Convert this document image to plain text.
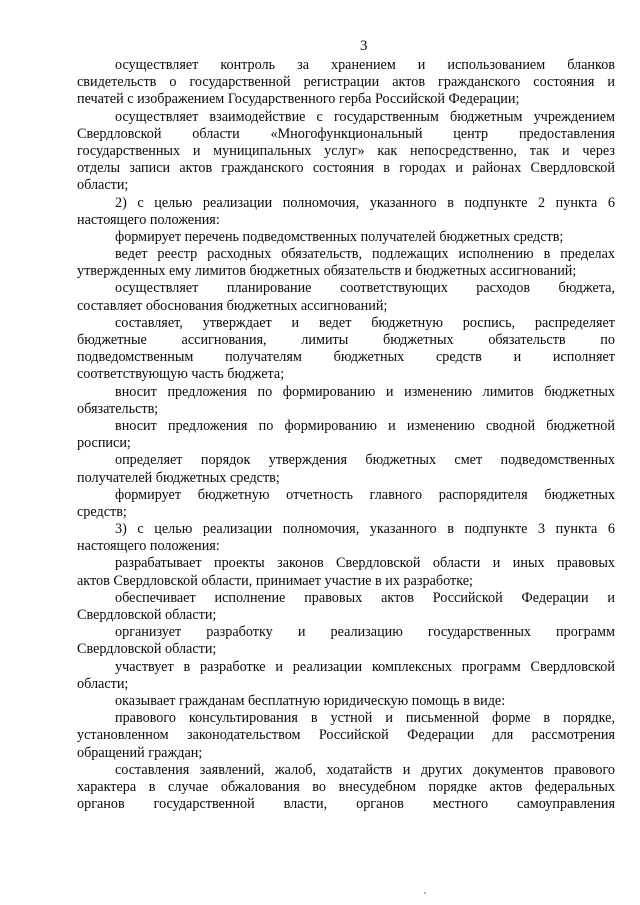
3
осуществляет контроль за хранением и использованием бланков
свидетельств о государственной регистрации актов гражданского состояния и
печатей с изображением Государственного герба Российской Федерации;
осуществляет взаимодействие с государственным бюджетным учреждением
Свердловской области «Многофункциональный центр предоставления
государственных и муниципальных услуг» как непосредственно, так и через
отделы записи актов гражданского состояния в городах и районах Свердловской
области;
2) с целью реализации полномочия, указанного в подпункте 2 пункта 6
настоящего положения:
формирует перечень подведомственных получателей бюджетных средств;
ведет реестр расходных обязательств, подлежащих исполнению в пределах
утвержденных ему лимитов бюджетных обязательств и бюджетных ассигнований;
осуществляет планирование соответствующих расходов бюджета,
составляет обоснования бюджетных ассигнований;
составляет, утверждает и ведет бюджетную роспись, распределяет
бюджетные ассигнования, лимиты бюджетных обязательств по
подведомственным получателям бюджетных средств и исполняет
соответствующую часть бюджета;
вносит предложения по формированию и изменению лимитов бюджетных
обязательств;
вносит предложения по формированию и изменению сводной бюджетной
росписи;
определяет порядок утверждения бюджетных смет подведомственных
получателей бюджетных средств;
формирует бюджетную отчетность главного распорядителя бюджетных
средств;
3) с целью реализации полномочия, указанного в подпункте 3 пункта 6
настоящего положения:
разрабатывает проекты законов Свердловской области и иных правовых
актов Свердловской области, принимает участие в их разработке;
обеспечивает исполнение правовых актов Российской Федерации и
Свердловской области;
организует разработку и реализацию государственных программ
Свердловской области;
участвует в разработке и реализации комплексных программ Свердловской
области;
оказывает гражданам бесплатную юридическую помощь в виде:
правового консультирования в устной и письменной форме в порядке,
установленном законодательством Российской Федерации для рассмотрения
обращений граждан;
составления заявлений, жалоб, ходатайств и других документов правового
характера в случае обжалования во внесудебном порядке актов федеральных
органов государственной власти, органов местного самоуправления
